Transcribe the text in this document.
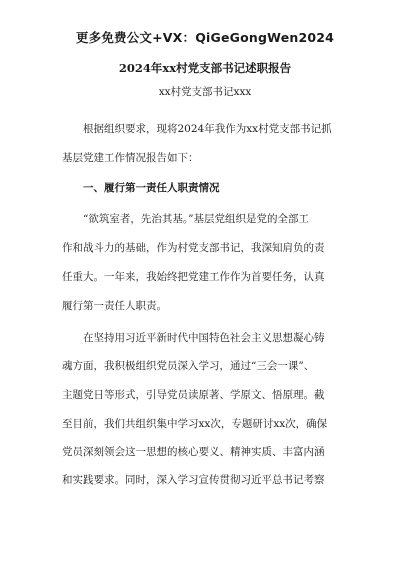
更多免费公文+VX：QiGeGongWen2024
2024年xx村党支部书记述职报告
xx村党支部书记xxx
根据组织要求，现将2024年我作为xx村党支部书记抓
基层党建工作情况报告如下：
一、履行第一责任人职责情况
“欲筑室者，先治其基。”基层党组织是党的全部工
作和战斗力的基础，作为村党支部书记，我深知肩负的责
任重大。一年来，我始终把党建工作作为首要任务，认真
履行第一责任人职责。
在坚持用习近平新时代中国特色社会主义思想凝心铸
魂方面，我积极组织党员深入学习，通过“三会一课”、
主题党日等形式，引导党员读原著、学原文、悟原理。截
至目前，我们共组织集中学习xx次，专题研讨xx次，确保
党员深刻领会这一思想的核心要义、精神实质、丰富内涵
和实践要求。同时，深入学习宣传贯彻习近平总书记考察
